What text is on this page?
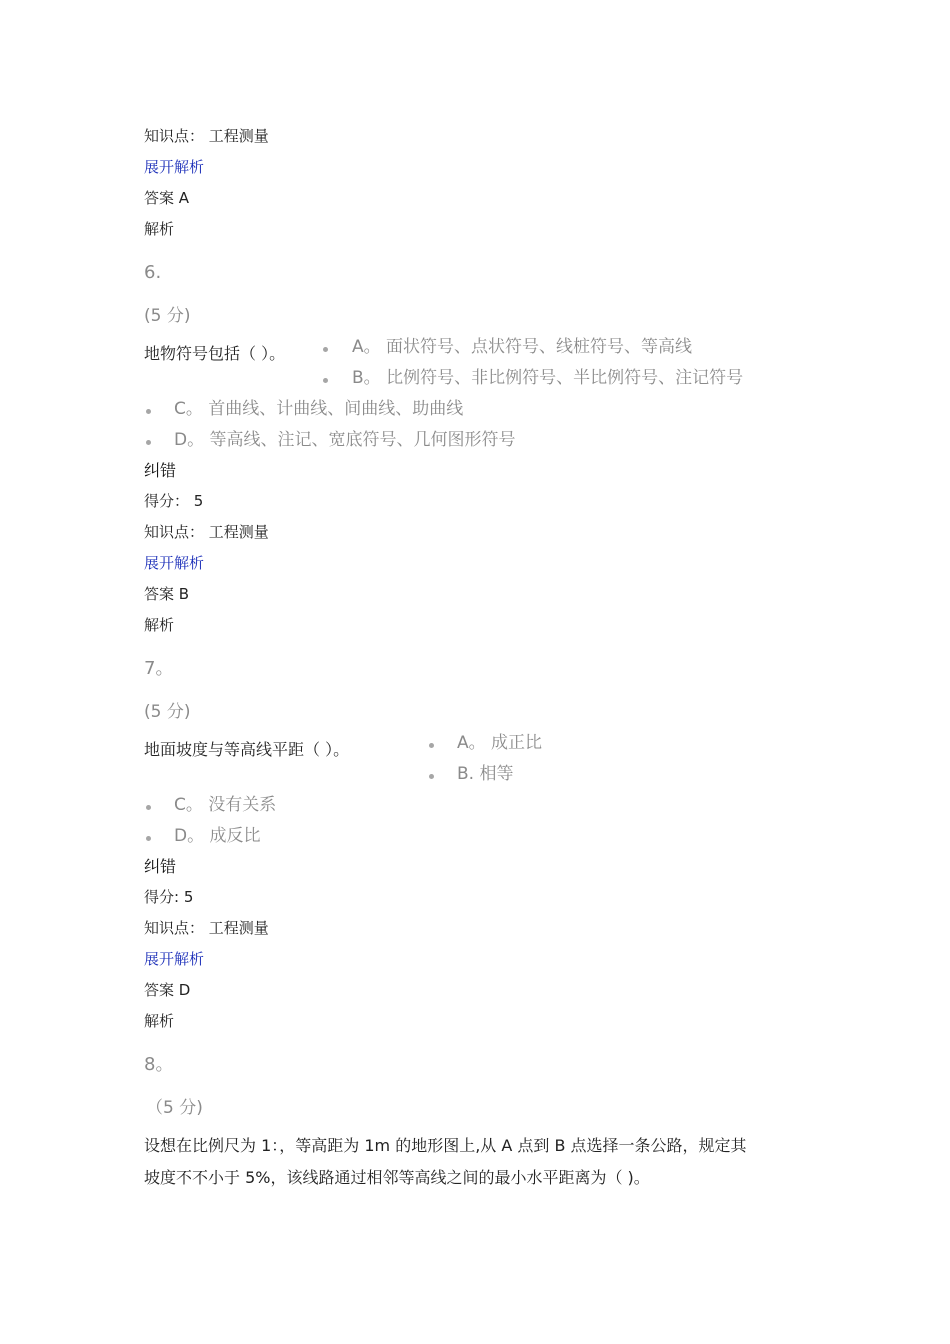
知识点： 工程测量
展开解析
答案 A
解析
6.
(5 分)
地物符号包括（ ）。	A。 面状符号、点状符号、线桩符号、等高线
B。 比例符号、非比例符号、半比例符号、注记符号
C。 首曲线、计曲线、间曲线、助曲线
D。 等高线、注记、宽底符号、几何图形符号
纠错
得分： 5
知识点： 工程测量
展开解析
答案 B
解析
7。
(5 分)
地面坡度与等高线平距（ ）。	A。 成正比
B. 相等
C。 没有关系
D。 成反比
纠错
得分: 5
知识点： 工程测量
展开解析
答案 D
解析
8。
（5 分)
设想在比例尺为 1：，等高距为 1m 的地形图上,从 A 点到 B 点选择一条公路，规定其
坡度不不小于 5%，该线路通过相邻等高线之间的最小水平距离为（ )。
